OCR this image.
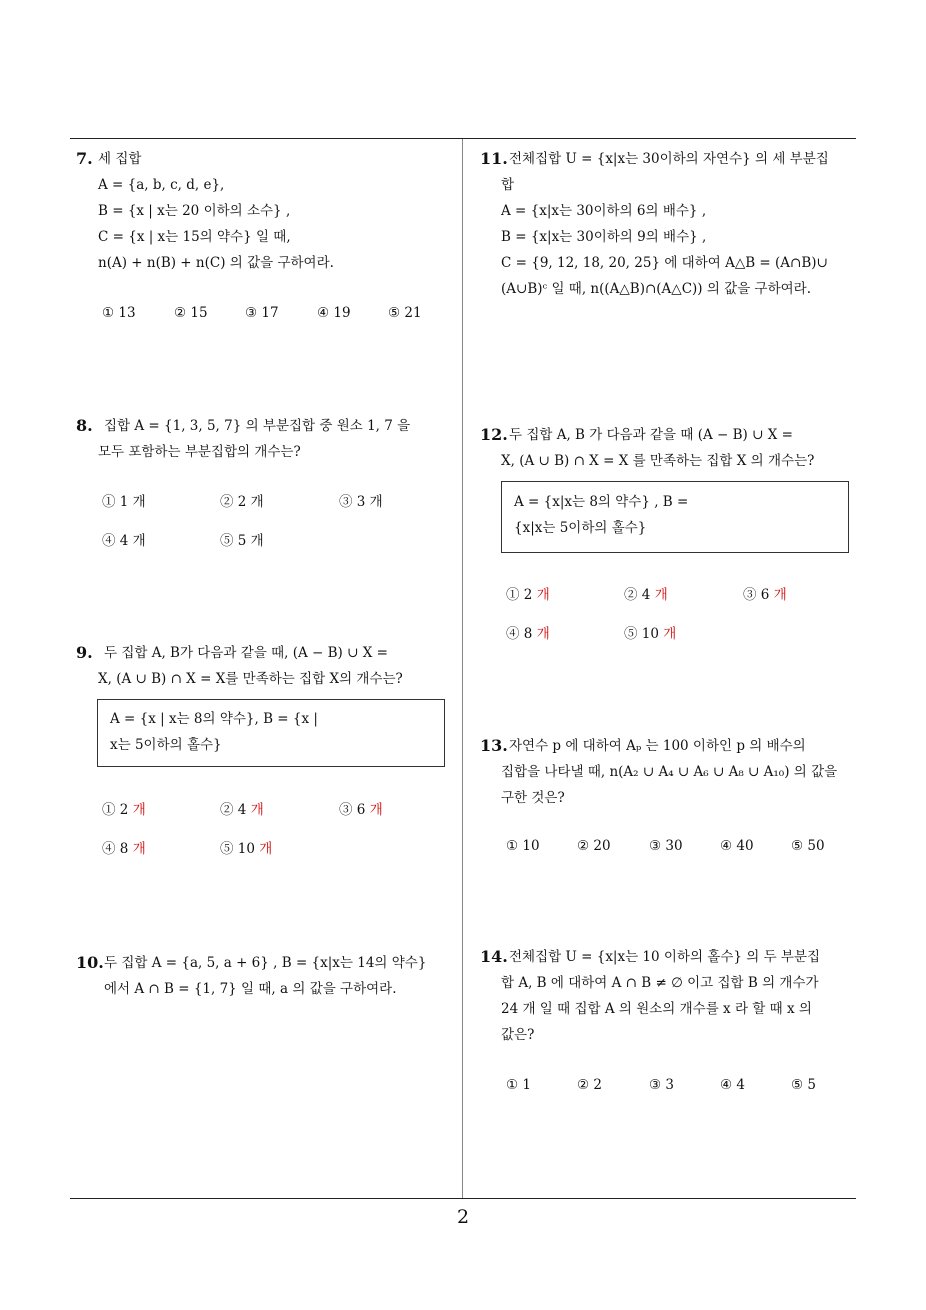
7. 세 집합
A = {a, b, c, d, e},
B = {x | x는 20 이하의 소수} ,
C = {x | x는 15의 약수} 일 때,
n(A) + n(B) + n(C) 의 값을 구하여라.
① 13	② 15	③ 17	④ 19	⑤ 21
8. 집합 A = {1, 3, 5, 7} 의 부분집합 중 원소 1, 7 을
모두 포함하는 부분집합의 개수는?
① 1 개	② 2 개	③ 3 개
④ 4 개	⑤ 5 개
9. 두 집합 A, B가 다음과 같을 때, (A − B) ∪ X =
X, (A ∪ B) ∩ X = X를 만족하는 집합 X의 개수는?
A = {x | x는 8의 약수}, B = {x |
x는 5이하의 홀수}
① 2 개	② 4 개	③ 6 개
④ 8 개	⑤ 10 개
10. 두 집합 A = {a, 5, a + 6} , B = {x|x는 14의 약수}
에서 A ∩ B = {1, 7} 일 때, a 의 값을 구하여라.
11. 전체집합 U = {x|x는 30이하의 자연수} 의 세 부분집
합
A = {x|x는 30이하의 6의 배수} ,
B = {x|x는 30이하의 9의 배수} ,
C = {9, 12, 18, 20, 25} 에 대하여 A△B = (A∩B)∪
(A∪B)ᶜ 일 때, n((A△B)∩(A△C)) 의 값을 구하여라.
12. 두 집합 A, B 가 다음과 같을 때 (A − B) ∪ X =
X, (A ∪ B) ∩ X = X 를 만족하는 집합 X 의 개수는?
A = {x|x는 8의 약수} , B =
{x|x는 5이하의 홀수}
① 2 개	② 4 개	③ 6 개
④ 8 개	⑤ 10 개
13. 자연수 p 에 대하여 Aₚ 는 100 이하인 p 의 배수의
집합을 나타낼 때, n(A₂ ∪ A₄ ∪ A₆ ∪ A₈ ∪ A₁₀) 의 값을
구한 것은?
① 10	② 20	③ 30	④ 40	⑤ 50
14. 전체집합 U = {x|x는 10 이하의 홀수} 의 두 부분집
합 A, B 에 대하여 A ∩ B ≠ ∅ 이고 집합 B 의 개수가
24 개 일 때 집합 A 의 원소의 개수를 x 라 할 때 x 의
값은?
① 1	② 2	③ 3	④ 4	⑤ 5
2
